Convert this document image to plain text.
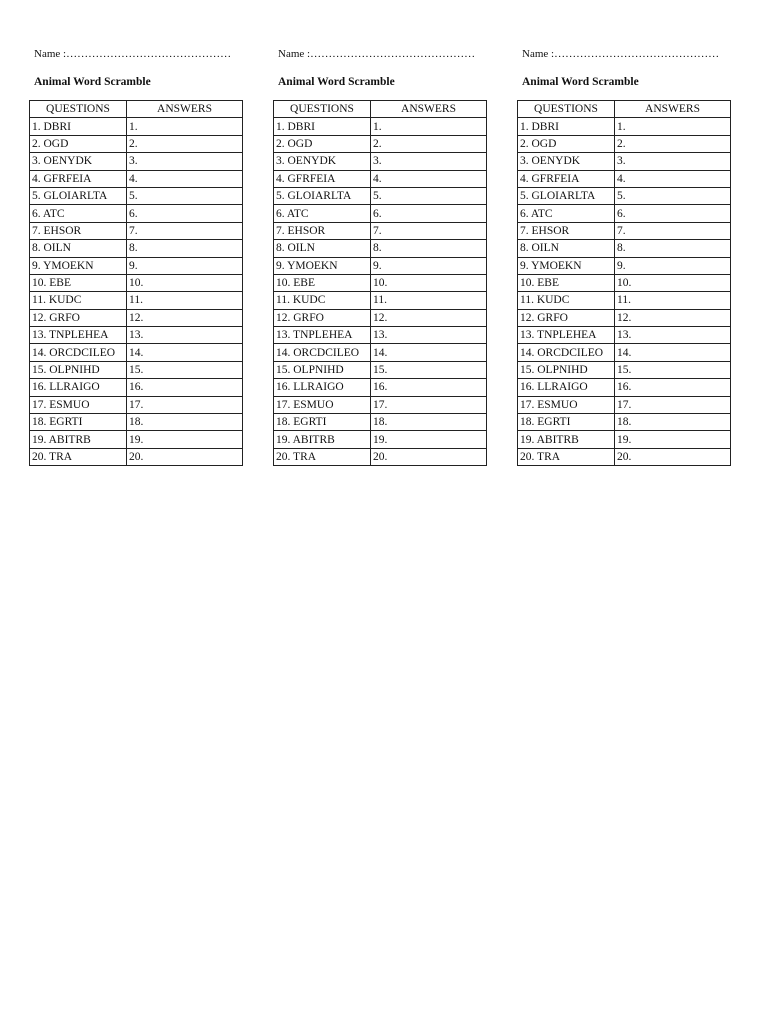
Name :………………………………………
Animal Word Scramble
QUESTIONS	ANSWERS
1. DBRI	1.
2. OGD	2.
3. OENYDK	3.
4. GFRFEIA	4.
5. GLOIARLTA	5.
6. ATC	6.
7. EHSOR	7.
8. OILN	8.
9. YMOEKN	9.
10. EBE	10.
11. KUDC	11.
12. GRFO	12.
13. TNPLEHEA	13.
14. ORCDCILEO	14.
15. OLPNIHD	15.
16. LLRAIGO	16.
17. ESMUO	17.
18. EGRTI	18.
19. ABITRB	19.
20. TRA	20.
Name :………………………………………
Animal Word Scramble
QUESTIONS	ANSWERS
1. DBRI	1.
2. OGD	2.
3. OENYDK	3.
4. GFRFEIA	4.
5. GLOIARLTA	5.
6. ATC	6.
7. EHSOR	7.
8. OILN	8.
9. YMOEKN	9.
10. EBE	10.
11. KUDC	11.
12. GRFO	12.
13. TNPLEHEA	13.
14. ORCDCILEO	14.
15. OLPNIHD	15.
16. LLRAIGO	16.
17. ESMUO	17.
18. EGRTI	18.
19. ABITRB	19.
20. TRA	20.
Name :………………………………………
Animal Word Scramble
QUESTIONS	ANSWERS
1. DBRI	1.
2. OGD	2.
3. OENYDK	3.
4. GFRFEIA	4.
5. GLOIARLTA	5.
6. ATC	6.
7. EHSOR	7.
8. OILN	8.
9. YMOEKN	9.
10. EBE	10.
11. KUDC	11.
12. GRFO	12.
13. TNPLEHEA	13.
14. ORCDCILEO	14.
15. OLPNIHD	15.
16. LLRAIGO	16.
17. ESMUO	17.
18. EGRTI	18.
19. ABITRB	19.
20. TRA	20.
